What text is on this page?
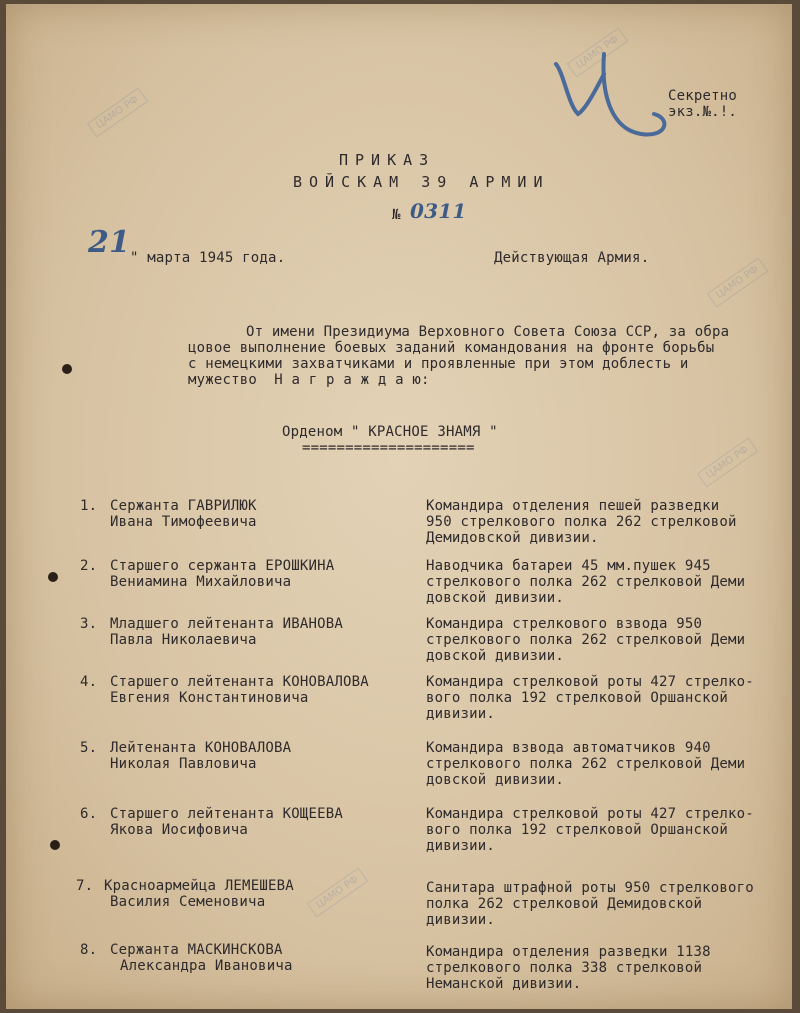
ЦАМО РФ
ЦАМО РФ
ЦАМО РФ
ЦАМО РФ
ЦАМО РФ
Секретно
экз.№.!.
ПРИКАЗ
ВОЙСКАМ 39 АРМИИ
№ 0311
21 " марта 1945 года.	Действующая Армия.
От имени Президиума Верховного Совета Союза ССР, за обра
цовое выполнение боевых заданий командования на фронте борьбы
с немецкими захватчиками и проявленные при этом доблесть и
мужество  Н а г р а ж д а ю:
Орденом " КРАСНОЕ ЗНАМЯ "
====================
1. Сержанта ГАВРИЛЮК
Ивана Тимофеевича
Командира отделения пешей разведки
950 стрелкового полка 262 стрелковой
Демидовской дивизии.
2. Старшего сержанта ЕРОШКИНА
Вениамина Михайловича
Наводчика батареи 45 мм.пушек 945
стрелкового полка 262 стрелковой Деми
довской дивизии.
3. Младшего лейтенанта ИВАНОВА
Павла Николаевича
Командира стрелкового взвода 950
стрелкового полка 262 стрелковой Деми
довской дивизии.
4. Старшего лейтенанта КОНОВАЛОВА
Евгения Константиновича
Командира стрелковой роты 427 стрелко-
вого полка 192 стрелковой Оршанской
дивизии.
5. Лейтенанта КОНОВАЛОВА
Николая Павловича
Командира взвода автоматчиков 940
стрелкового полка 262 стрелковой Деми
довской дивизии.
6. Старшего лейтенанта КОЩЕЕВА
Якова Иосифовича
Командира стрелковой роты 427 стрелко-
вого полка 192 стрелковой Оршанской
дивизии.
7. Красноармейца ЛЕМЕШЕВА
Василия Семеновича
Санитара штрафной роты 950 стрелкового
полка 262 стрелковой Демидовской
дивизии.
8. Сержанта МАСКИНСКОВА
Александра Ивановича
Командира отделения разведки 1138
стрелкового полка 338 стрелковой
Неманской дивизии.
